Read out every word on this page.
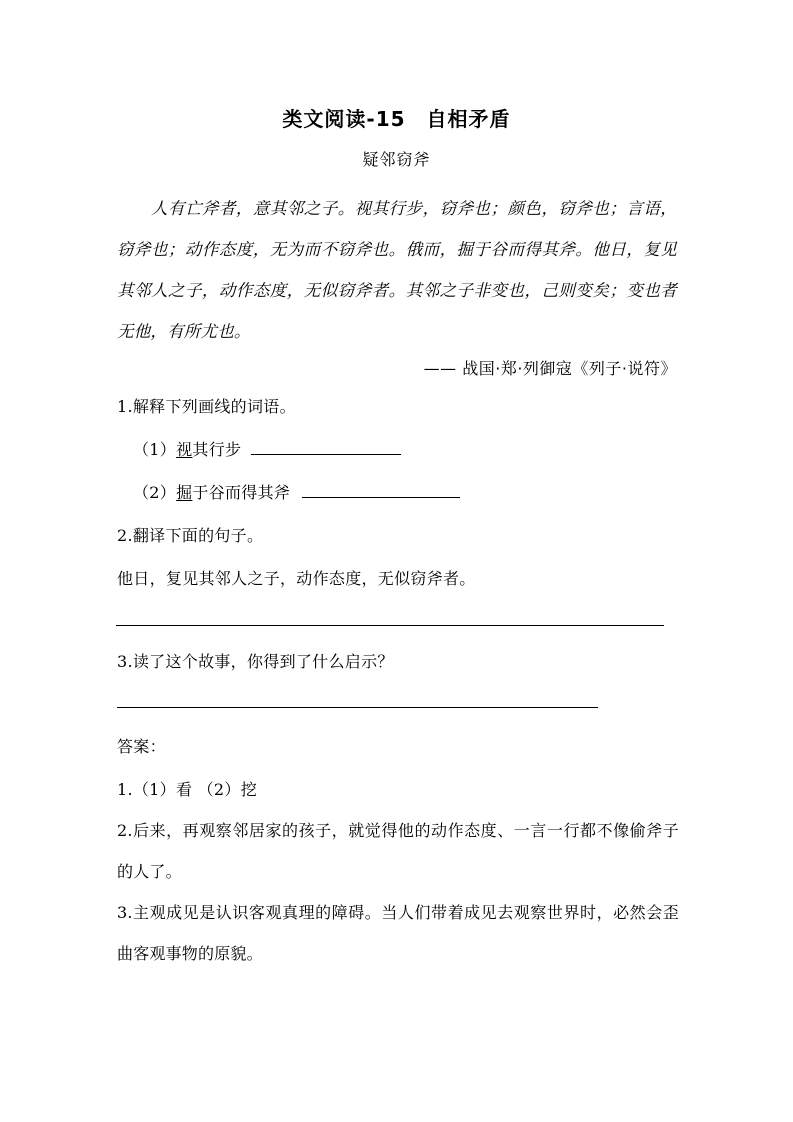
类文阅读-15　自相矛盾
疑邻窃斧
人有亡斧者，意其邻之子。视其行步，窃斧也；颜色，窃斧也；言语，窃斧也；动作态度，无为而不窃斧也。俄而，掘于谷而得其斧。他日，复见其邻人之子，动作态度，无似窃斧者。其邻之子非变也，己则变矣；变也者无他，有所尤也。
—— 战国·郑·列御寇《列子·说符》
1.解释下列画线的词语。
（1）视其行步
（2）掘于谷而得其斧
2.翻译下面的句子。
他日，复见其邻人之子，动作态度，无似窃斧者。
3.读了这个故事，你得到了什么启示？
答案：
1.（1）看 （2）挖
2.后来，再观察邻居家的孩子，就觉得他的动作态度、一言一行都不像偷斧子的人了。
3.主观成见是认识客观真理的障碍。当人们带着成见去观察世界时，必然会歪曲客观事物的原貌。
